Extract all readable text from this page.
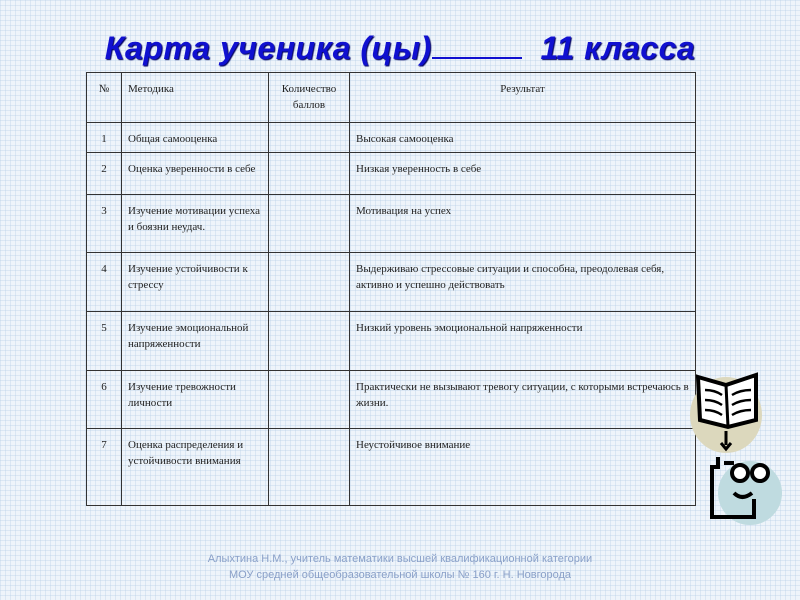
Карта ученика (цы)	11 класса
№	Методика	Количество баллов	Результат
1	Общая самооценка		Высокая самооценка
2	Оценка уверенности в себе		Низкая уверенность в себе
3	Изучение мотивации успеха и боязни неудач.		Мотивация на успех
4	Изучение устойчивости к стрессу		Выдерживаю стрессовые ситуации и способна, преодолевая себя, активно и успешно действовать
5	Изучение эмоциональной напряженности		Низкий уровень эмоциональной напряженности
6	Изучение тревожности личности		Практически не вызывают тревогу ситуации, с которыми встречаюсь в жизни.
7	Оценка распределения и устойчивости внимания		Неустойчивое внимание
Алыхтина Н.М., учитель математики высшей квалификационной категории
МОУ средней общеобразовательной школы № 160 г. Н. Новгорода
